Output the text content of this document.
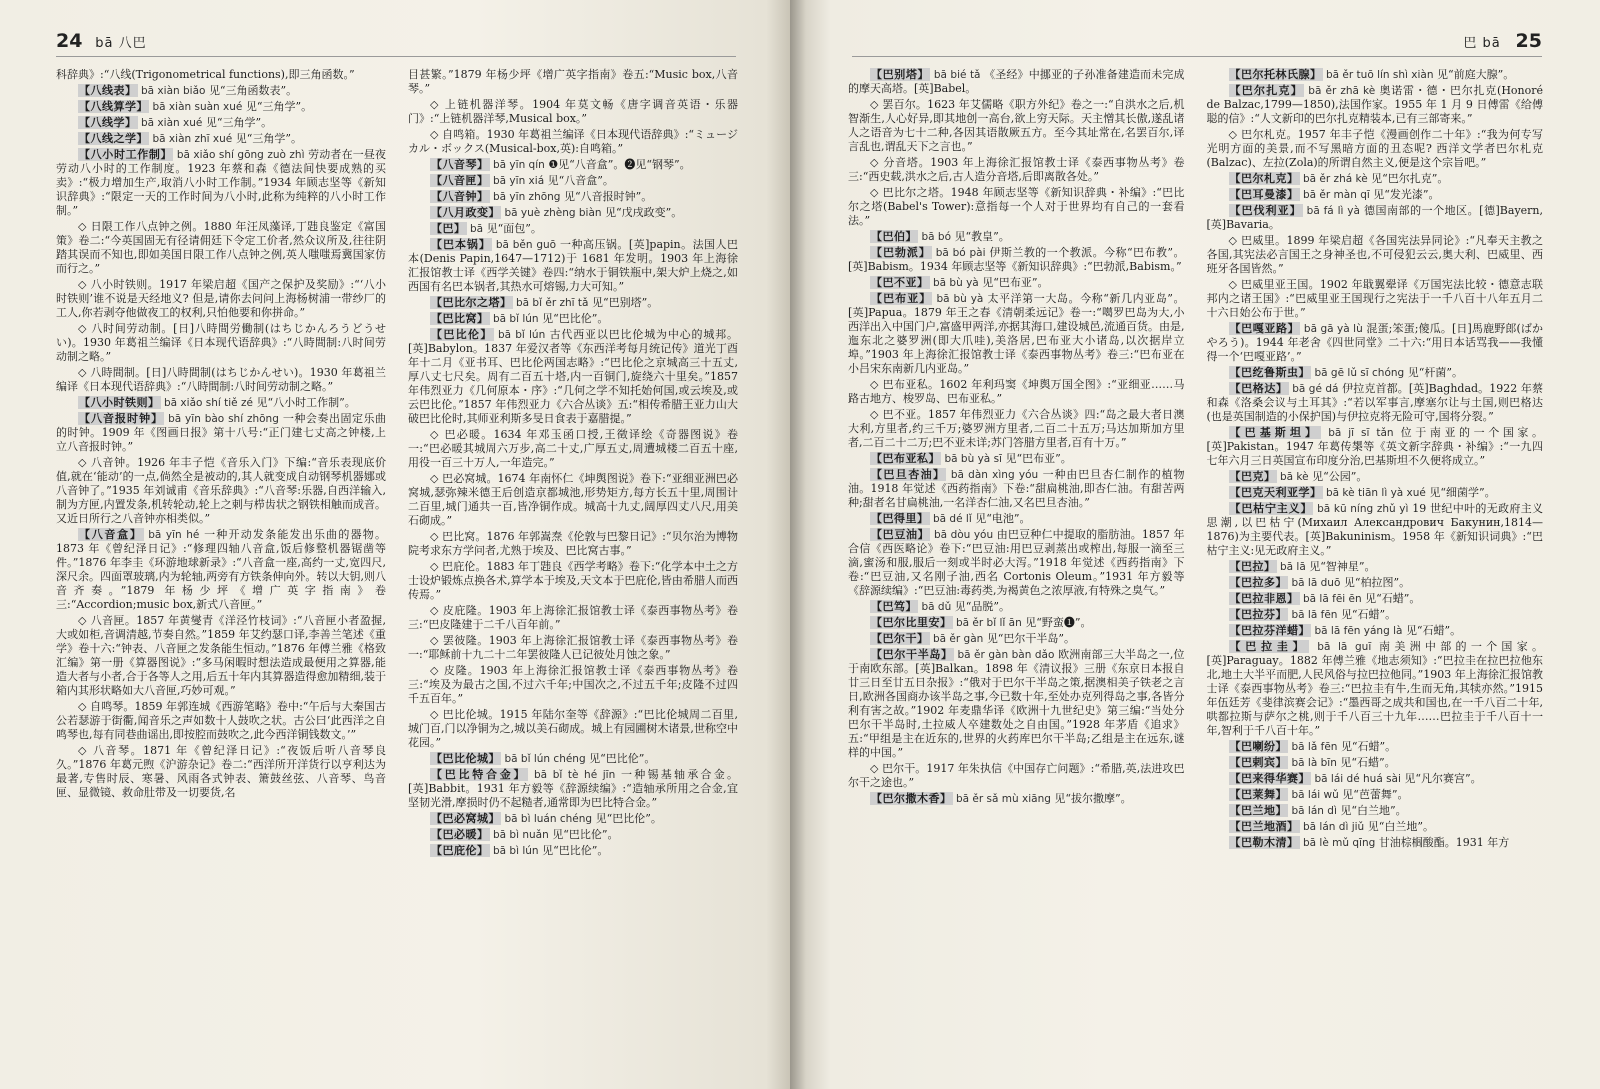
24 bā 八巴

科辞典》:“八线(Trigonometrical functions),即三角函数。”

【八线表】 bā xiàn biǎo 见“三角函数表”。

【八线算学】 bā xiàn suàn xué 见“三角学”。

【八线学】 bā xiàn xué 见“三角学”。

【八线之学】 bā xiàn zhī xué 见“三角学”。

【八小时工作制】 bā xiǎo shí gōng zuò zhì 劳动者在一昼夜劳动八小时的工作制度。1923 年蔡和森《德法间快要成熟的买卖》:“极力增加生产,取消八小时工作制。”1934 年顾志坚等《新知识辞典》:“限定一天的工作时间为八小时,此称为纯粹的八小时工作制。”

◇ 日限工作八点钟之例。1880 年汪凤藻译,丁韪良鉴定《富国策》卷二:“今英国固无有径请佣廷下令定工价者,然众议所及,往往阴踏其误而不知也,即如美国日限工作八点钟之例,英人嗤嗤焉冀国家仿而行之。”

◇ 八小时铁则。1917 年梁启超《国产之保护及奖励》:“‘八小时铁则’谁不说是天经地义? 但是,请你去问问上海杨树浦一带纱厂的工人,你若剥夺他做夜工的权利,只怕他要和你拼命。”

◇ 八时间劳动制。[日]八時間労働制(はちじかんろうどうせい)。1930 年葛祖兰编译《日本现代语辞典》:“八時間制:八时间劳动制之略。”

◇ 八時間制。[日]八時間制(はちじかんせい)。1930 年葛祖兰编译《日本现代语辞典》:“八時間制:八时间劳动制之略。”

【八小时铁则】 bā xiǎo shí tiě zé 见“八小时工作制”。

【八音报时钟】 bā yīn bào shí zhōng 一种会奏出固定乐曲的时钟。1909 年《图画日报》第十八号:“正门建七丈高之钟楼,上立八音报时钟。”

◇ 八音钟。1926 年丰子恺《音乐入门》下编:“音乐表现底价值,就在‘能动’的一点,倘然全是被动的,其人就变成自动钢琴机器娜或八音钟了。”1935 年刘诚甫《音乐辞典》:“八音琴:乐器,自西洋输入,制为方匣,内置发条,机转轮动,轮上之刺与栉齿状之钢铁相触而成音。又近日所行之八音钟亦相类似。”

【八音盒】 bā yīn hé 一种开动发条能发出乐曲的器物。1873 年《曾纪泽日记》:“修理四轴八音盒,饭后修整机器锯凿等件。”1876 年李圭《环游地球新录》:“八音盒一座,高约一丈,宽四尺,深尺余。四面罩玻璃,内为轮轴,两旁有方铁条伸向外。转以大钥,则八音齐奏。”1879 年杨少坪《增广英字指南》卷三:“Accordion;music box,新式八音匣。”

◇ 八音匣。1857 年黄燮青《洋泾竹枝词》:“八音匣小者盈握,大或如柜,音调清越,节奏自然。”1859 年艾约瑟口译,李善兰笔述《重学》卷十六:“钟表、八音匣之发条能生恒动。”1876 年傅兰雅《格致汇编》第一册《算器图说》:“多马闲暇时想法造成最便用之算器,能造大者与小者,合于各等人之用,后五十年内其算器造得愈加精细,装于箱内其形状略如大八音匣,巧妙可观。”

◇ 自鸣琴。1859 年郭连城《西游笔略》卷中:“午后与大秦国古公若瑟游于街衢,闻音乐之声如数十人鼓吹之状。古公曰‘此西洋之自鸣琴也,每有同巷曲谣出,即按腔而鼓吹之,此今西洋铜钱数文。’”

◇ 八音琴。1871 年《曾纪泽日记》:“夜饭后听八音琴良久。”1876 年葛元煦《沪游杂记》卷二:“西洋所开洋货行以亨利达为最著,专售时辰、寒暑、风雨各式钟表、箫鼓丝弦、八音琴、鸟音匣、显微镜、救命肚带及一切要货,名

目甚繁。”1879 年杨少坪《增广英字指南》卷五:“Music box,八音琴。”

◇ 上链机器洋琴。1904 年莫文畅《唐字调音英语・乐器门》:“上链机器洋琴,Musical box。”

◇ 自鸣箱。1930 年葛祖兰编译《日本现代语辞典》:“ミュージカル・ボックス(Musical-box,英):自鸣箱。”

【八音琴】 bā yīn qín ❶见“八音盒”。❷见“钢琴”。

【八音匣】 bā yīn xiá 见“八音盒”。

【八音钟】 bā yīn zhōng 见“八音报时钟”。

【八月政变】 bā yuè zhèng biàn 见“戊戌政变”。

【巴】 bā 见“面包”。

【巴本锅】 bā běn guō 一种高压锅。[英]papin。法国人巴本(Denis Papin,1647—1712)于 1681 年发明。1903 年上海徐汇报馆教士译《西学关键》卷四:“纳水于铜铁瓶中,架大炉上烧之,如西国有名巴本锅者,其热水可熔锡,力大可知。”

【巴比尔之塔】 bā bǐ ěr zhī tǎ 见“巴别塔”。

【巴比窝】 bā bǐ lún 见“巴比伦”。

【巴比伦】 bā bǐ lún 古代西亚以巴比伦城为中心的城邦。[英]Babylon。1837 年爱汉者等《东西洋考每月统记传》道光丁酉年十二月《亚书耳、巴比伦两国志略》:“巴比伦之京城高三十五丈,厚八丈七尺矣。周有二百五十塔,内一百铜门,旋绕六十里矣。”1857 年伟烈亚力《几何原本・序》:“几何之学不知托始何国,或云埃及,或云巴比伦。”1857 年伟烈亚力《六合丛谈》五:“相传希腊王亚力山大破巴比伦时,其师亚利斯多旻日食表于嘉腊提。”

◇ 巴必暖。1634 年邓玉函口授,王徵译绘《奇器图说》卷一:“巴必暖其城周六万步,高二十丈,广厚五丈,周遭城楼二百五十座,用役一百三十万人,一年造完。”

◇ 巴必窝城。1674 年南怀仁《坤舆图说》卷下:“亚细亚洲巴必窝城,瑟弥辣米德王后创造京都城池,形势矩方,每方长五十里,周围计二百里,城门通共一百,皆净铜作成。城高十九丈,阔厚四丈八尺,用美石砌成。”

◇ 巴比窝。1876 年郭嵩焘《伦敦与巴黎日记》:“贝尔治为博物院考求东方学问者,尤熟于埃及、巴比窝古事。”

◇ 巴庇伦。1883 年丁韪良《西学考略》卷下:“化学本中土之方士设炉锻炼点换各术,算学本于埃及,天文本于巴庇伦,皆由希腊人而西传焉。”

◇ 皮庇隆。1903 年上海徐汇报馆教士译《泰西事物丛考》卷三:“巴皮隆建于二千八百年前。”

◇ 罢彼隆。1903 年上海徐汇报馆教士译《泰西事物丛考》卷一:“耶稣前十九二十二年罢彼隆人已记彼处月蚀之象。”

◇ 皮隆。1903 年上海徐汇报馆教士译《泰西事物丛考》卷三:“埃及为最古之国,不过六千年;中国次之,不过五千年;皮隆不过四千五百年。”

◇ 巴比伦城。1915 年陆尔奎等《辞源》:“巴比伦城周二百里,城门百,门以净铜为之,城以美石砌成。城上有园圃树木诸景,世称空中花园。”

【巴比伦城】 bā bǐ lún chéng 见“巴比伦”。

【巴比特合金】 bā bǐ tè hé jīn 一种锡基轴承合金。[英]Babbit。1931 年方毅等《辞源续编》:“造轴承所用之合金,宜坚韧光滑,摩损时仍不起糙者,通常即为巴比特合金。”

【巴必窝城】 bā bì luán chéng 见“巴比伦”。

【巴必暖】 bā bì nuǎn 见“巴比伦”。

【巴庇伦】 bā bì lún 见“巴比伦”。

巴 bā 25

【巴别塔】 bā bié tǎ 《圣经》中挪亚的子孙准备建造而未完成的摩天高塔。[英]Babel。

◇ 罢百尔。1623 年艾儒略《职方外纪》卷之一:“自洪水之后,机智渐生,人心好异,即其地创一高台,欲上穷天际。天主憎其长傲,遂乱诸人之语音为七十二种,各因其语散厥五方。至今其址常在,名罢百尔,译言乱也,谓乱天下之言也。”

◇ 分音塔。1903 年上海徐汇报馆教士译《泰西事物丛考》卷三:“西史载,洪水之后,古人造分音塔,后即离散各处。”

◇ 巴比尔之塔。1948 年顾志坚等《新知识辞典・补编》:“巴比尔之塔(Babel's Tower):意指每一个人对于世界均有自己的一套看法。”

【巴伯】 bā bó 见“教皇”。

【巴勃派】 bā bó pài 伊斯兰教的一个教派。今称“巴布教”。[英]Babism。1934 年顾志坚等《新知识辞典》:“巴勃派,Babism。”

【巴不亚】 bā bù yà 见“巴布亚”。

【巴布亚】 bā bù yà 太平洋第一大岛。今称“新几内亚岛”。[英]Papua。1879 年王之春《清朝柔远记》卷一:“噶罗巴岛为大,小西洋出入中国门户,富盛甲两洋,亦据其海口,建设城邑,流通百货。由是,迤东北之婆罗洲(即大爪哇),美洛居,巴布亚大小诸岛,以次据岸立埠。”1903 年上海徐汇报馆教士译《泰西事物丛考》卷三:“巴布亚在小吕宋东南新几内亚岛。”

◇ 巴布亚私。1602 年利玛窦《坤舆万国全图》:“亚细亚……马路古地方、梭罗岛、巴布亚私。”

◇ 巴不亚。1857 年伟烈亚力《六合丛谈》四:“岛之最大者日澳大利,方里者,约三千万;婆罗洲方里者,二百二十五万;马达加斯加方里者,二百二十二万;巴不亚未详;苏门答腊方里者,百有十万。”

【巴布亚私】 bā bù yà sī 见“巴布亚”。

【巴旦杏油】 bā dàn xìng yóu 一种由巴旦杏仁制作的植物油。1918 年觉述《西药指南》下卷:“甜扁桃油,即杏仁油。有甜苦两种;甜者名甘扁桃油,一名洋杏仁油,又名巴旦杏油。”

【巴得里】 bā dé lǐ 见“电池”。

【巴豆油】 bā dòu yóu 由巴豆种仁中提取的脂肪油。1857 年合信《西医略论》卷下:“巴豆油:用巴豆剥蒸出或榨出,每服一滴至三滴,蜜汤和服,服后一刻或半时必大泻。”1918 年觉述《西药指南》下卷:“巴豆油,又名刚子油,西名 Cortonis Oleum。”1931 年方毅等《辞源续编》:“巴豆油:毒药类,为褐黄色之浓厚液,有特殊之臭气。”

【巴笃】 bā dǔ 见“品脱”。

【巴尔比里安】 bā ěr bǐ lǐ ān 见“野蛮❶”。

【巴尔干】 bā ěr gàn 见“巴尔干半岛”。

【巴尔干半岛】 bā ěr gàn bàn dǎo 欧洲南部三大半岛之一,位于南欧东部。[英]Balkan。1898 年《清议报》三册《东京日本报自廿三日至廿五日杂报》:“俄对于巴尔干半岛之策,据澳相美子铁老之言日,欧洲各国商办该半岛之事,今已数十年,至处办克列得岛之事,各皆分利有害之故。”1902 年麦鼎华译《欧洲十九世纪史》第三编:“当处分巴尔干半岛时,土拉威人卒建数处之自由国。”1928 年茅盾《追求》五:“甲组是主在近东的,世界的火药库巴尔干半岛;乙组是主在远东,谜样的中国。”

◇ 巴尔干。1917 年朱执信《中国存亡问题》:“希腊,英,法进攻巴尔干之途也。”

【巴尔撒木香】 bā ěr sǎ mù xiāng 见“拔尔撒摩”。

【巴尔托林氏腺】 bā ěr tuō lín shì xiàn 见“前庭大腺”。

【巴尔扎克】 bā ěr zhā kè 奥诺雷・德・巴尔扎克(Honoré de Balzac,1799—1850),法国作家。1955 年 1 月 9 日傅雷《给傅聪的信》:“人文新印的巴尔扎克精装本,已有三部寄来。”

◇ 巴尔札克。1957 年丰子恺《漫画创作二十年》:“我为何专写光明方面的美景,而不写黑暗方面的丑态呢? 西洋文学者巴尔札克(Balzac)、左拉(Zola)的所谓自然主义,便是这个宗旨吧。”

【巴尔札克】 bā ěr zhá kè 见“巴尔扎克”。

【巴耳曼漆】 bā ěr màn qī 见“发光漆”。

【巴伐利亚】 bā fá lì yà 德国南部的一个地区。[德]Bayern,[英]Bavaria。

◇ 巴威里。1899 年梁启超《各国宪法异同论》:“凡奉天主教之各国,其宪法必言国王之身神圣也,不可侵犯云云,奥大利、巴威里、西班牙各国皆然。”

◇ 巴威里亚王国。1902 年戢翼翚译《万国宪法比较・德意志联邦内之诸王国》:“巴威里亚王国现行之宪法于一千八百十八年五月二十六日始公布于世。”

【巴嘎亚路】 bā gā yà lù 混蛋;笨蛋;傻瓜。[日]馬鹿野郎(ばかやろう)。1944 年老舍《四世同堂》二十六:“用日本话骂我——我懂得一个‘巴嘎亚路’。”

【巴纥鲁斯虫】 bā gē lǔ sī chóng 见“杆菌”。

【巴格达】 bā gé dá 伊拉克首都。[英]Baghdad。1922 年蔡和森《洛桑会议与土耳其》:“若以军事言,摩塞尔让与土国,则巴格达(也是英国制造的小保护国)与伊拉克将无险可守,国将分裂。”

【巴基斯坦】 bā jī sī tǎn 位于南亚的一个国家。[英]Pakistan。1947 年葛传槼等《英文新字辞典・补编》:“一九四七年六月三日英国宣布印度分治,巴基斯坦不久便将成立。”

【巴克】 bā kè 见“公园”。

【巴克天利亚学】 bā kè tiān lì yà xué 见“细菌学”。

【巴枯宁主义】 bā kū níng zhǔ yì 19 世纪中叶的无政府主义思潮,以巴枯宁(Михаил Александрович Бакунин,1814—1876)为主要代表。[英]Bakuninism。1958 年《新知识词典》:“巴枯宁主义:见无政府主义。”

【巴拉】 bā lā 见“智神星”。

【巴拉多】 bā lā duō 见“柏拉图”。

【巴拉非恩】 bā lā fēi ēn 见“石蜡”。

【巴拉芬】 bā lā fēn 见“石蜡”。

【巴拉芬洋蜡】 bā lā fēn yáng là 见“石蜡”。

【巴拉圭】 bā lā guī 南美洲中部的一个国家。[英]Paraguay。1882 年傅兰雅《地志须知》:“巴拉圭在拉巴拉他东北,地土大半平而肥,人民风俗与拉巴拉他同。”1903 年上海徐汇报馆教士译《泰西事物丛考》卷三:“巴拉圭有牛,生而无角,其犊亦然。”1915 年伍廷芳《斐律滨赛会记》:“墨西哥之成共和国也,在一千八百二十年,哄都拉斯与萨尔之桃,则于千八百三十九年……巴拉圭于千八百十一年,智利于千八百十年。”

【巴喇纷】 bā lǎ fēn 见“石蜡”。

【巴剌宾】 bā là bīn 见“石蜡”。

【巴来得华赛】 bā lái dé huá sài 见“凡尔赛宫”。

【巴莱舞】 bā lái wǔ 见“芭蕾舞”。

【巴兰地】 bā lán dì 见“白兰地”。

【巴兰地酒】 bā lán dì jiǔ 见“白兰地”。

【巴勒木清】 bā lè mǔ qīng 甘油棕榈酸酯。1931 年方
